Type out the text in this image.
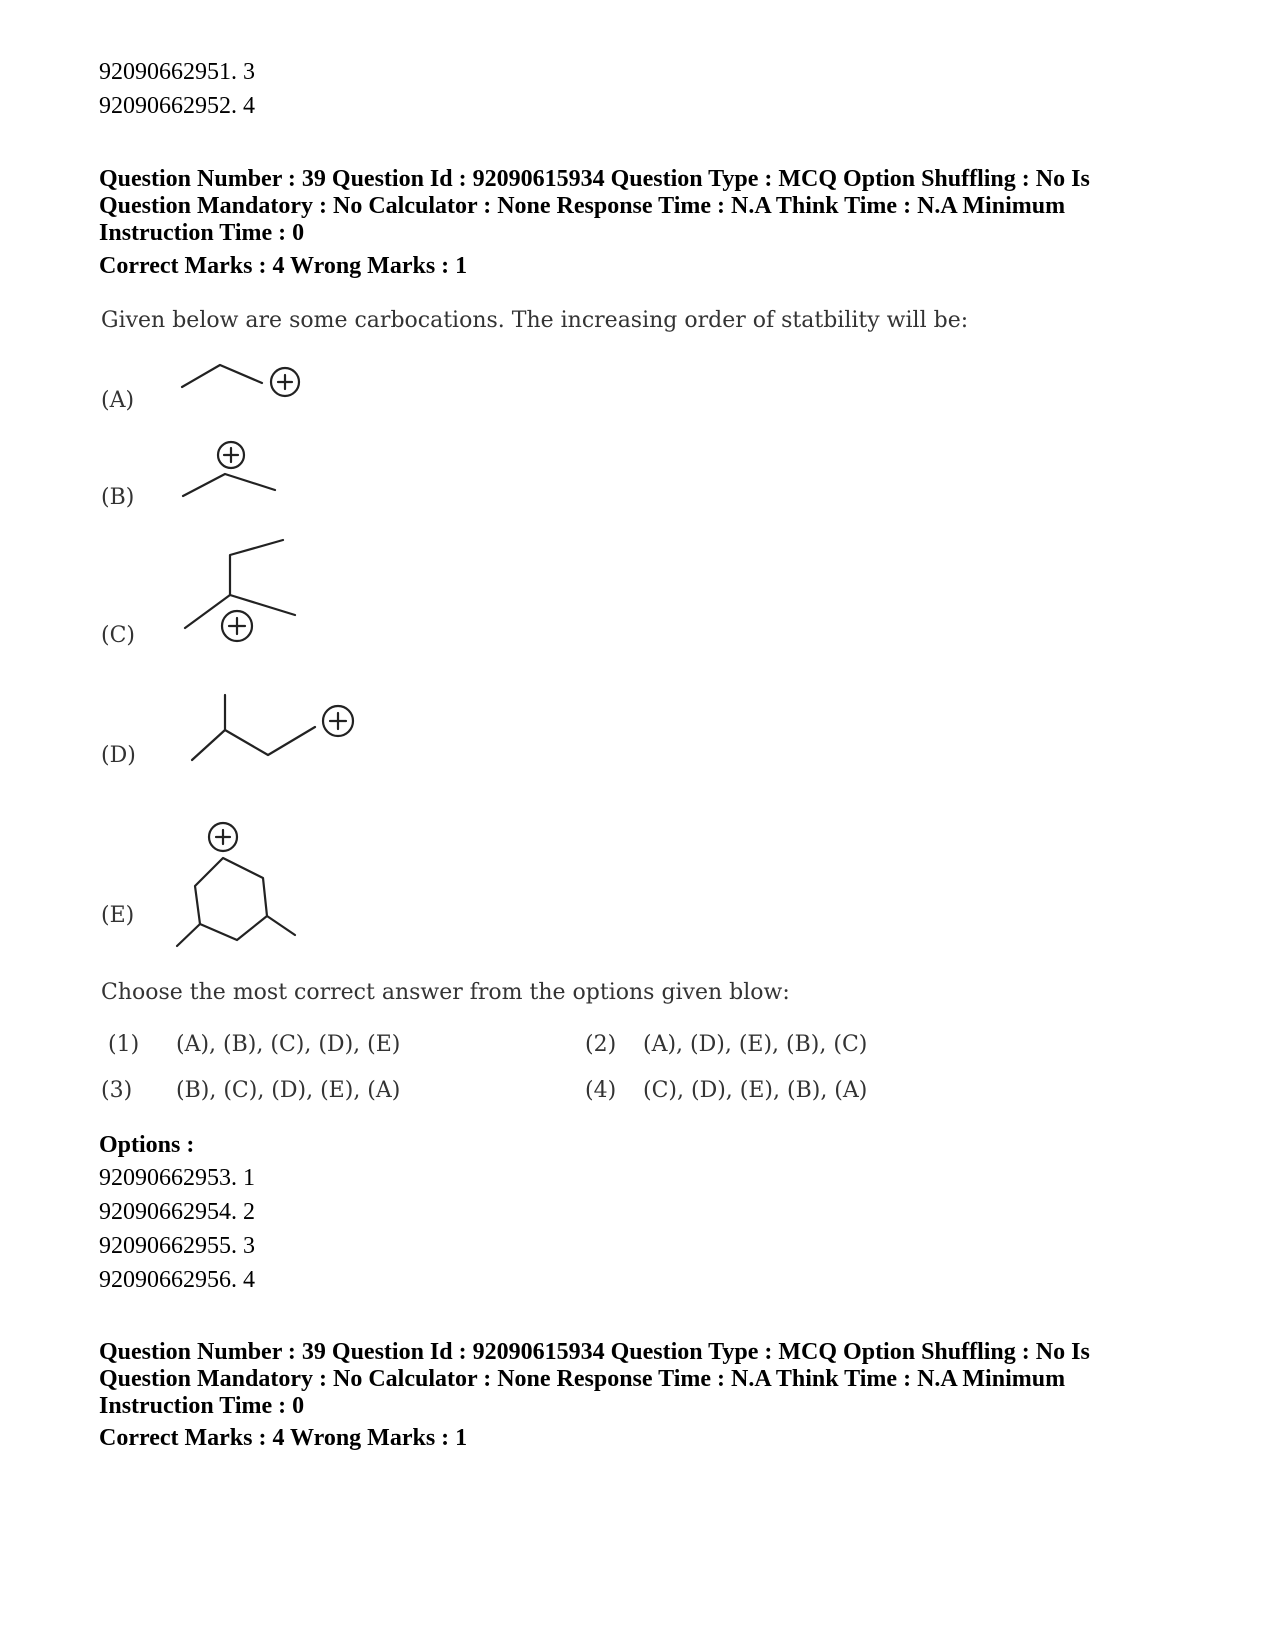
92090662951. 3
92090662952. 4
Question Number : 39 Question Id : 92090615934 Question Type : MCQ Option Shuffling : No Is
Question Mandatory : No Calculator : None Response Time : N.A Think Time : N.A Minimum
Instruction Time : 0
Correct Marks : 4 Wrong Marks : 1
Given below are some carbocations. The increasing order of statbility will be:
(A)
(B)
(C)
(D)
(E)
Choose the most correct answer from the options given blow:
(1) (A), (B), (C), (D), (E)	(2) (A), (D), (E), (B), (C)
(3) (B), (C), (D), (E), (A)	(4) (C), (D), (E), (B), (A)
Options :
92090662953. 1
92090662954. 2
92090662955. 3
92090662956. 4
Question Number : 39 Question Id : 92090615934 Question Type : MCQ Option Shuffling : No Is
Question Mandatory : No Calculator : None Response Time : N.A Think Time : N.A Minimum
Instruction Time : 0
Correct Marks : 4 Wrong Marks : 1
